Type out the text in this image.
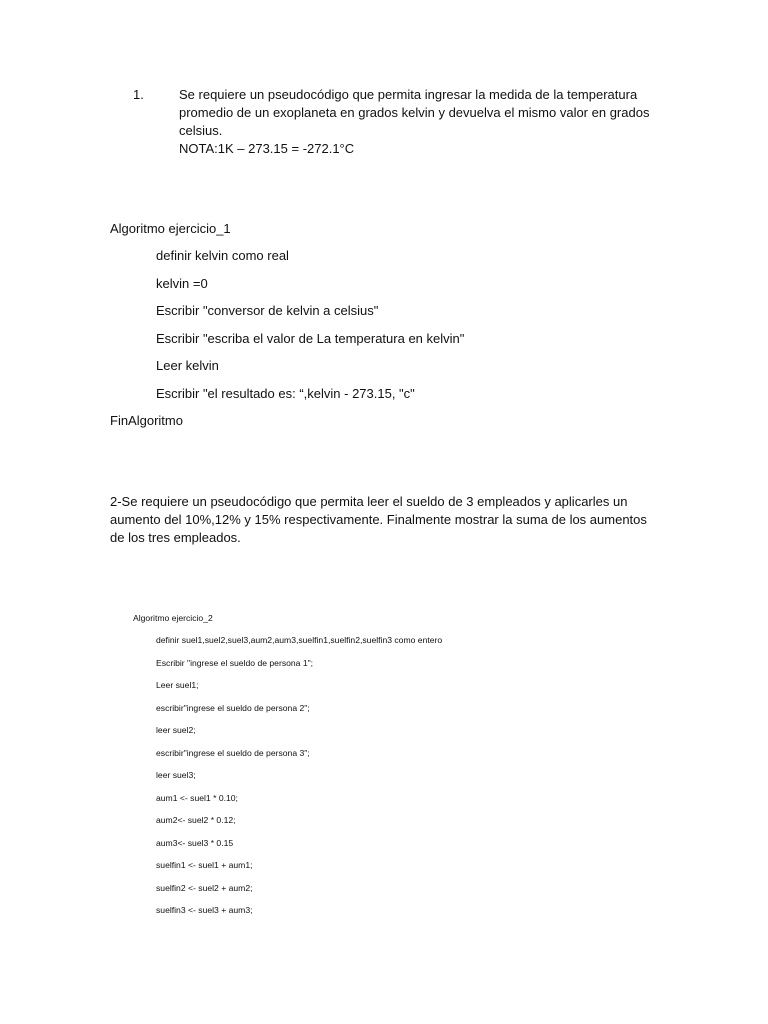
1.	Se requiere un pseudocódigo que permita ingresar la medida de la temperatura
promedio de un exoplaneta en grados kelvin y devuelva el mismo valor en grados
celsius.
NOTA:1K – 273.15 = -272.1°C
Algoritmo ejercicio_1
definir kelvin como real
kelvin =0
Escribir "conversor de kelvin a celsius"
Escribir "escriba el valor de La temperatura en kelvin"
Leer kelvin
Escribir "el resultado es: “,kelvin - 273.15, "c"
FinAlgoritmo
2-Se requiere un pseudocódigo que permita leer el sueldo de 3 empleados y aplicarles un
aumento del 10%,12% y 15% respectivamente. Finalmente mostrar la suma de los aumentos
de los tres empleados.
Algoritmo ejercicio_2
definir suel1,suel2,suel3,aum2,aum3,suelfin1,suelfin2,suelfin3 como entero
Escribir "ingrese el sueldo de persona 1";
Leer suel1;
escribir"ingrese el sueldo de persona 2";
leer suel2;
escribir"ingrese el sueldo de persona 3";
leer suel3;
aum1 <- suel1 * 0.10;
aum2<- suel2 * 0.12;
aum3<- suel3 * 0.15
suelfin1 <- suel1 + aum1;
suelfin2 <- suel2 + aum2;
suelfin3 <- suel3 + aum3;
